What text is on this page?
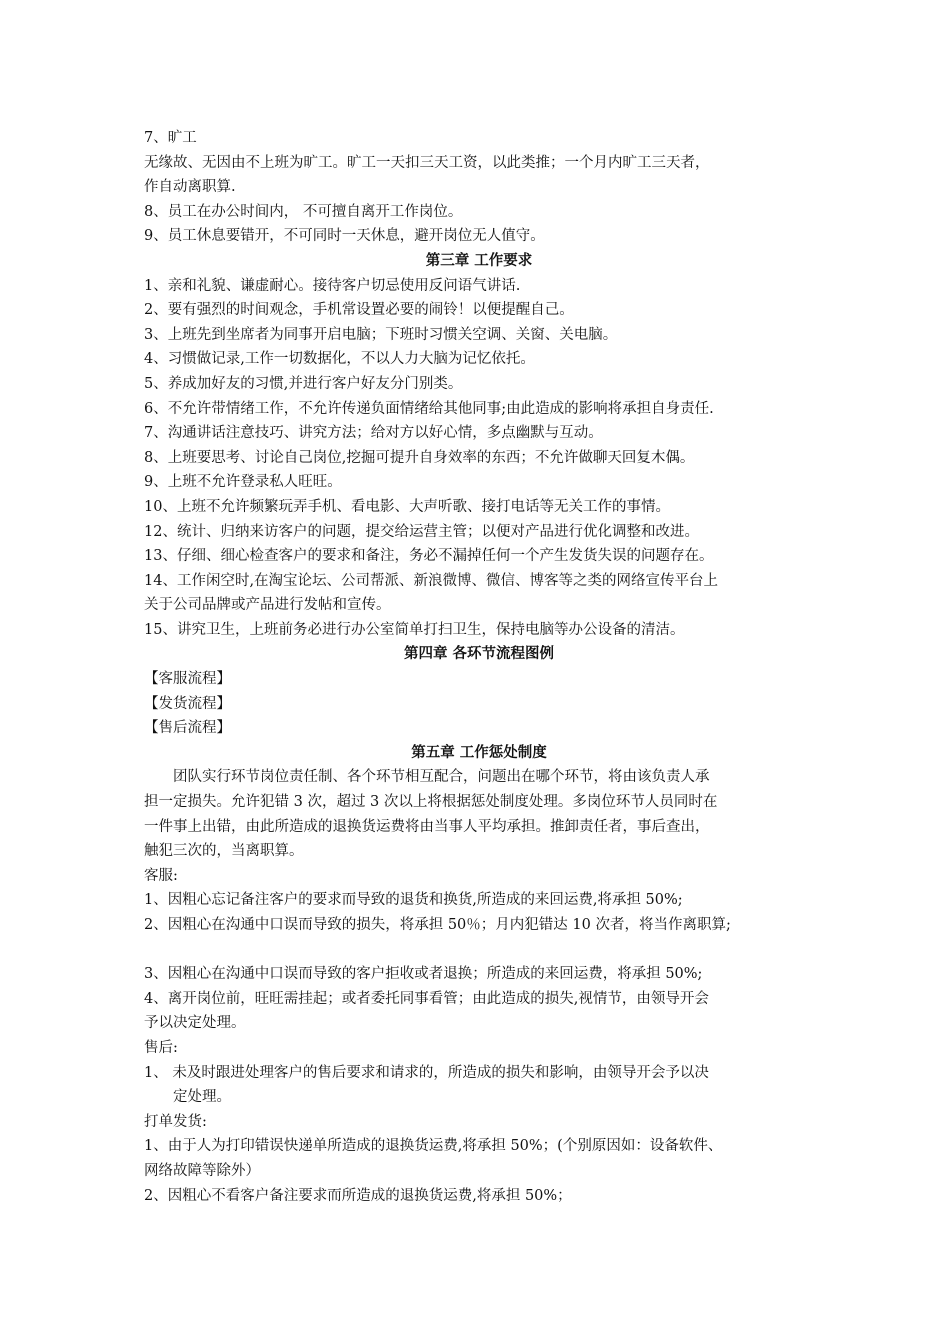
7、旷工
无缘故、无因由不上班为旷工。旷工一天扣三天工资，以此类推；一个月内旷工三天者，
作自动离职算.
8、员工在办公时间内， 不可擅自离开工作岗位。
9、员工休息要错开，不可同时一天休息，避开岗位无人值守。
第三章 工作要求
1、亲和礼貌、谦虚耐心。接待客户切忌使用反问语气讲话.
2、要有强烈的时间观念，手机常设置必要的闹铃！以便提醒自己。
3、上班先到坐席者为同事开启电脑；下班时习惯关空调、关窗、关电脑。
4、习惯做记录,工作一切数据化，不以人力大脑为记忆依托。
5、养成加好友的习惯,并进行客户好友分门别类。
6、不允许带情绪工作，不允许传递负面情绪给其他同事;由此造成的影响将承担自身责任.
7、沟通讲话注意技巧、讲究方法；给对方以好心情，多点幽默与互动。
8、上班要思考、讨论自己岗位,挖掘可提升自身效率的东西；不允许做聊天回复木偶。
9、上班不允许登录私人旺旺。
10、上班不允许频繁玩弄手机、看电影、大声听歌、接打电话等无关工作的事情。
12、统计、归纳来访客户的问题，提交给运营主管；以便对产品进行优化调整和改进。
13、仔细、细心检查客户的要求和备注，务必不漏掉任何一个产生发货失误的问题存在。
14、工作闲空时,在淘宝论坛、公司帮派、新浪微博、微信、博客等之类的网络宣传平台上
关于公司品牌或产品进行发帖和宣传。
15、讲究卫生，上班前务必进行办公室简单打扫卫生，保持电脑等办公设备的清洁。
第四章 各环节流程图例
【客服流程】
【发货流程】
【售后流程】
第五章 工作惩处制度
团队实行环节岗位责任制、各个环节相互配合，问题出在哪个环节，将由该负责人承
担一定损失。允许犯错 3 次，超过 3 次以上将根据惩处制度处理。多岗位环节人员同时在
一件事上出错，由此所造成的退换货运费将由当事人平均承担。推卸责任者，事后查出，
触犯三次的，当离职算。
客服:
1、因粗心忘记备注客户的要求而导致的退货和换货,所造成的来回运费,将承担 50%;
2、因粗心在沟通中口误而导致的损失，将承担 50％；月内犯错达 10 次者，将当作离职算;
3、因粗心在沟通中口误而导致的客户拒收或者退换；所造成的来回运费，将承担 50%;
4、离开岗位前，旺旺需挂起；或者委托同事看管；由此造成的损失,视情节，由领导开会
予以决定处理。
售后:
1、 未及时跟进处理客户的售后要求和请求的，所造成的损失和影响，由领导开会予以决
定处理。
打单发货:
1、由于人为打印错误快递单所造成的退换货运费,将承担 50%；(个别原因如：设备软件、
网络故障等除外）
2、因粗心不看客户备注要求而所造成的退换货运费,将承担 50%；
